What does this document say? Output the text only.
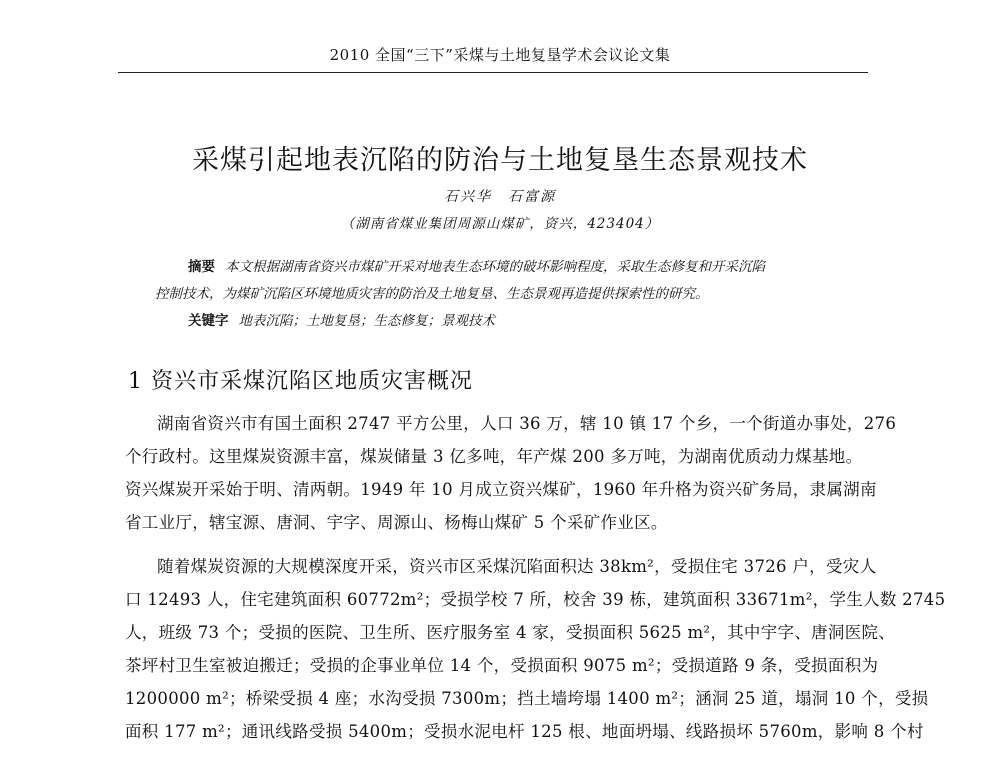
2010 全国“三下”采煤与土地复垦学术会议论文集
采煤引起地表沉陷的防治与土地复垦生态景观技术
石兴华 石富源
（湖南省煤业集团周源山煤矿，资兴，423404）
摘要 本文根据湖南省资兴市煤矿开采对地表生态环境的破坏影响程度，采取生态修复和开采沉陷
控制技术，为煤矿沉陷区环境地质灾害的防治及土地复垦、生态景观再造提供探索性的研究。
关键字 地表沉陷；土地复垦；生态修复；景观技术
1 资兴市采煤沉陷区地质灾害概况
湖南省资兴市有国土面积 2747 平方公里，人口 36 万，辖 10 镇 17 个乡，一个街道办事处，276
个行政村。这里煤炭资源丰富，煤炭储量 3 亿多吨，年产煤 200 多万吨，为湖南优质动力煤基地。
资兴煤炭开采始于明、清两朝。1949 年 10 月成立资兴煤矿，1960 年升格为资兴矿务局，隶属湖南
省工业厅，辖宝源、唐洞、宇字、周源山、杨梅山煤矿 5 个采矿作业区。
随着煤炭资源的大规模深度开采，资兴市区采煤沉陷面积达 38km²，受损住宅 3726 户，受灾人
口 12493 人，住宅建筑面积 60772m²；受损学校 7 所，校舍 39 栋，建筑面积 33671m²，学生人数 2745
人，班级 73 个；受损的医院、卫生所、医疗服务室 4 家，受损面积 5625 m²，其中宇字、唐洞医院、
茶坪村卫生室被迫搬迁；受损的企事业单位 14 个，受损面积 9075 m²；受损道路 9 条，受损面积为
1200000 m²；桥梁受损 4 座；水沟受损 7300m；挡土墙垮塌 1400 m²；涵洞 25 道，塌洞 10 个，受损
面积 177 m²；通讯线路受损 5400m；受损水泥电杆 125 根、地面坍塌、线路损坏 5760m，影响 8 个村
